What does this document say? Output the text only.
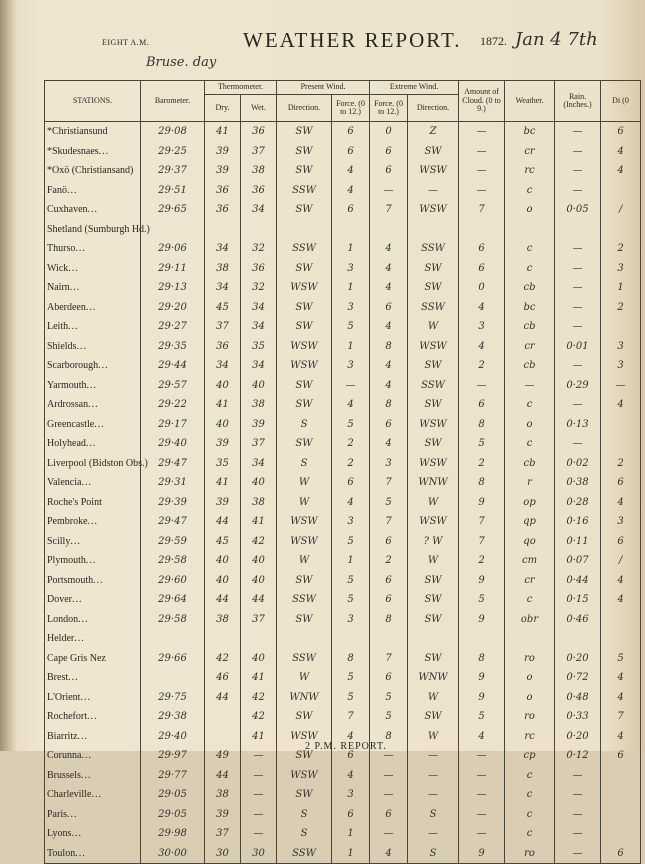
EIGHT A.M.	WEATHER REPORT. 1872. Jan 4 7th
Bruse. day
STATIONS.	Barometer.	Thermometer.		Present Wind.		Extreme Wind.		Amount of Cloud. (0 to 9.)	Weather.	Rain. (Inches.)	Di (0
		Dry.	Wet.	Direction.	Force. (0 to 12.)	Force. (0 to 12.)	Direction.				
*Christiansund	29·08	41	36	SW	6	0	Z	—	bc	—	6
*Skudesnaes...	29·25	39	37	SW	6	6	SW	—	cr	—	4
*Oxö (Christiansand)	29·37	39	38	SW	4	6	WSW	—	rc	—	4
Fanö...	29·51	36	36	SSW	4	—	—	—	c	—	
Cuxhaven...	29·65	36	34	SW	6	7	WSW	7	o	0·05	/
Shetland (Sumburgh Hd.)											
Thurso...	29·06	34	32	SSW	1	4	SSW	6	c	—	2
Wick...	29·11	38	36	SW	3	4	SW	6	c	—	3
Nairn...	29·13	34	32	WSW	1	4	SW	0	cb	—	1
Aberdeen...	29·20	45	34	SW	3	6	SSW	4	bc	—	2
Leith...	29·27	37	34	SW	5	4	W	3	cb	—	
Shields...	29·35	36	35	WSW	1	8	WSW	4	cr	0·01	3
Scarborough...	29·44	34	34	WSW	3	4	SW	2	cb	—	3
Yarmouth...	29·57	40	40	SW	—	4	SSW	—	—	0·29	—
Ardrossan...	29·22	41	38	SW	4	8	SW	6	c	—	4
Greencastle...	29·17	40	39	S	5	6	WSW	8	o	0·13	
Holyhead...	29·40	39	37	SW	2	4	SW	5	c	—	
Liverpool (Bidston Obs.)	29·47	35	34	S	2	3	WSW	2	cb	0·02	2
Valencia...	29·31	41	40	W	6	7	WNW	8	r	0·38	6
Roche's Point	29·39	39	38	W	4	5	W	9	op	0·28	4
Pembroke...	29·47	44	41	WSW	3	7	WSW	7	qp	0·16	3
Scilly...	29·59	45	42	WSW	5	6	? W	7	qo	0·11	6
Plymouth...	29·58	40	40	W	1	2	W	2	cm	0·07	/
Portsmouth...	29·60	40	40	SW	5	6	SW	9	cr	0·44	4
Dover...	29·64	44	44	SSW	5	6	SW	5	c	0·15	4
London...	29·58	38	37	SW	3	8	SW	9	obr	0·46	
Helder...											
Cape Gris Nez	29·66	42	40	SSW	8	7	SW	8	ro	0·20	5
Brest...		46	41	W	5	6	WNW	9	o	0·72	4
L'Orient...	29·75	44	42	WNW	5	5	W	9	o	0·48	4
Rochefort...	29·38		42	SW	7	5	SW	5	ro	0·33	7
Biarritz...	29·40		41	WSW	4	8	W	4	rc	0·20	4
Corunna...	29·97	49	—	SW	6	—	—	—	cp	0·12	6
Brussels...	29·77	44	—	WSW	4	—	—	—	c	—	
Charleville...	29·05	38	—	SW	3	—	—	—	c	—	
Paris...	29·05	39	—	S	6	6	S	—	c	—	
Lyons...	29·98	37	—	S	1	—	—	—	c	—	
Toulon...	30·00	30	30	SSW	1	4	S	9	ro	—	6
2 P.M. REPORT.
